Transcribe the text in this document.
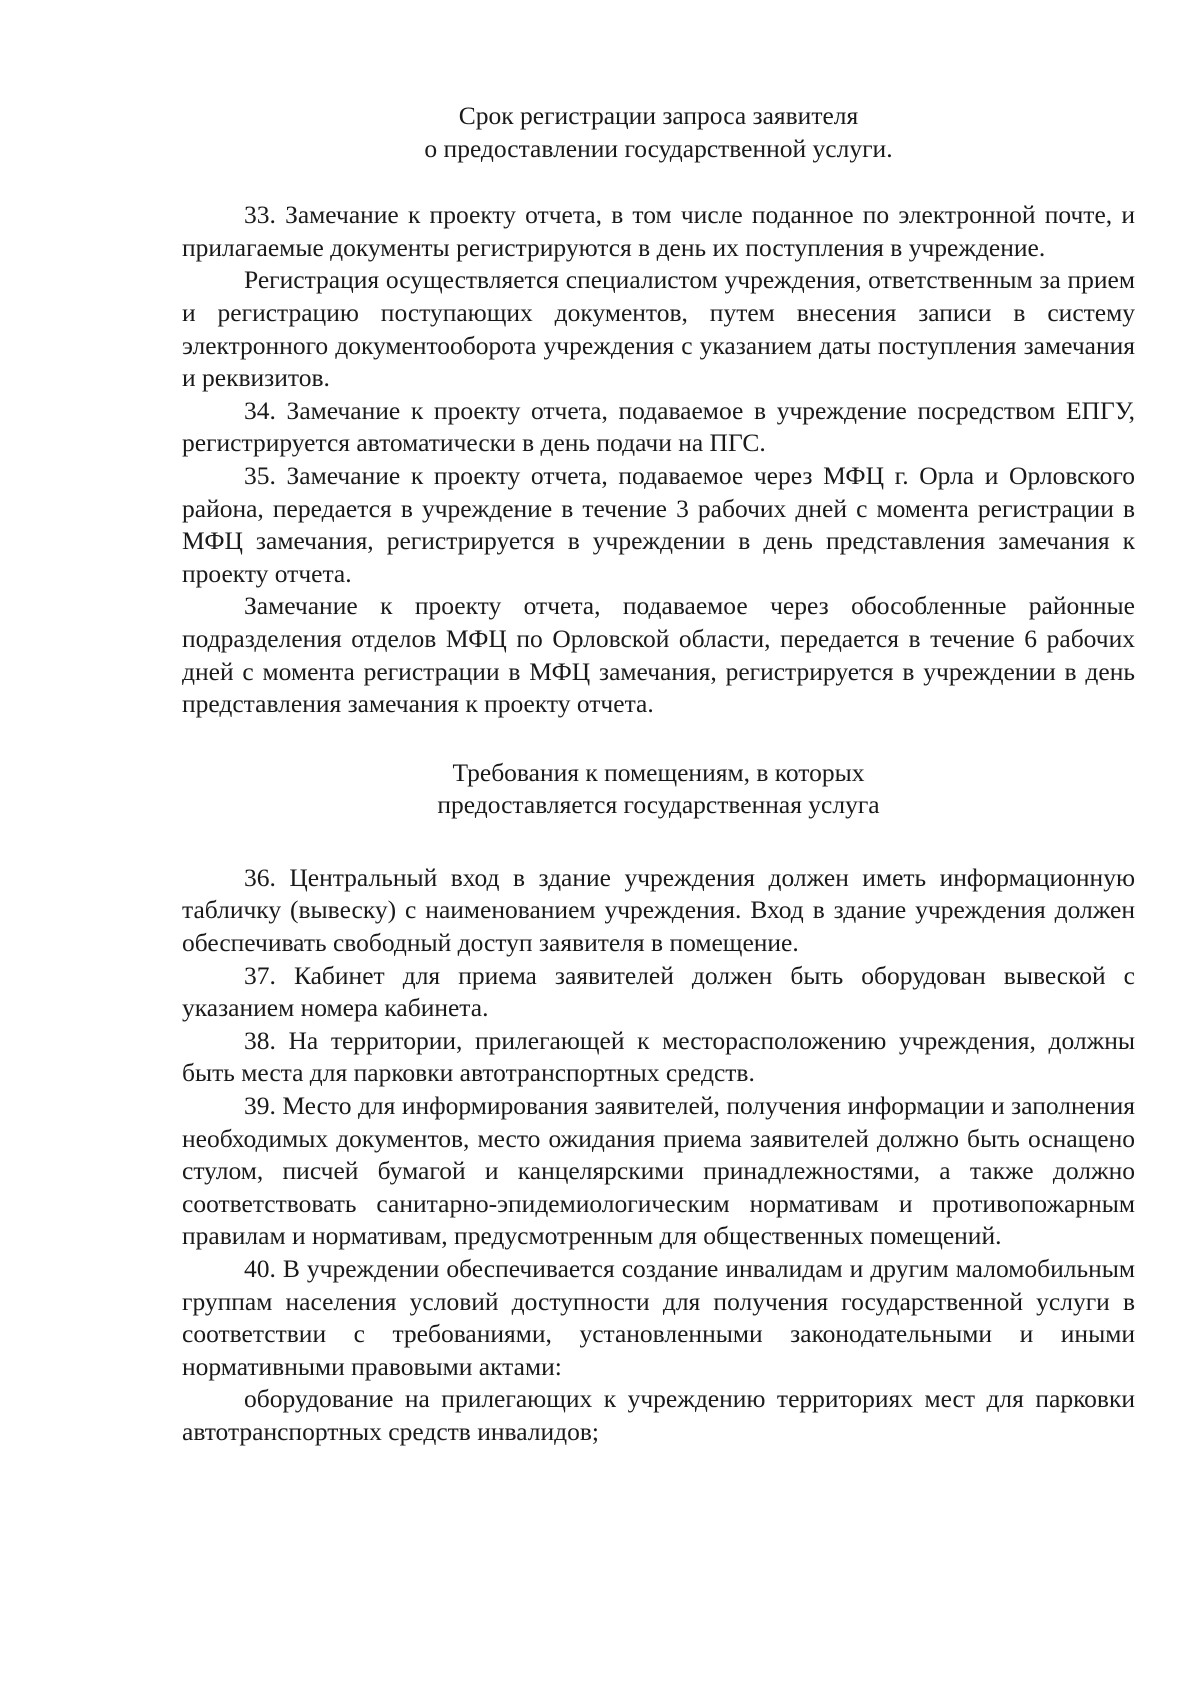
Срок регистрации запроса заявителя
о предоставлении государственной услуги.

33. Замечание к проекту отчета, в том числе поданное по электронной почте, и прилагаемые документы регистрируются в день их поступления в учреждение.

Регистрация осуществляется специалистом учреждения, ответственным за прием и регистрацию поступающих документов, путем внесения записи в систему электронного документооборота учреждения с указанием даты поступления замечания и реквизитов.

34. Замечание к проекту отчета, подаваемое в учреждение посредством ЕПГУ, регистрируется автоматически в день подачи на ПГС.

35. Замечание к проекту отчета, подаваемое через МФЦ г. Орла и Орловского района, передается в учреждение в течение 3 рабочих дней с момента регистрации в МФЦ замечания, регистрируется в учреждении в день представления замечания к проекту отчета.

Замечание к проекту отчета, подаваемое через обособленные районные подразделения отделов МФЦ по Орловской области, передается в течение 6 рабочих дней с момента регистрации в МФЦ замечания, регистрируется в учреждении в день представления замечания к проекту отчета.

Требования к помещениям, в которых
предоставляется государственная услуга

36. Центральный вход в здание учреждения должен иметь информационную табличку (вывеску) с наименованием учреждения. Вход в здание учреждения должен обеспечивать свободный доступ заявителя в помещение.

37. Кабинет для приема заявителей должен быть оборудован вывеской с указанием номера кабинета.

38. На территории, прилегающей к месторасположению учреждения, должны быть места для парковки автотранспортных средств.

39. Место для информирования заявителей, получения информации и заполнения необходимых документов, место ожидания приема заявителей должно быть оснащено стулом, писчей бумагой и канцелярскими принадлежностями, а также должно соответствовать санитарно-эпидемиологическим нормативам и противопожарным правилам и нормативам, предусмотренным для общественных помещений.

40. В учреждении обеспечивается создание инвалидам и другим маломобильным группам населения условий доступности для получения государственной услуги в соответствии с требованиями, установленными законодательными и иными нормативными правовыми актами:

оборудование на прилегающих к учреждению территориях мест для парковки автотранспортных средств инвалидов;
